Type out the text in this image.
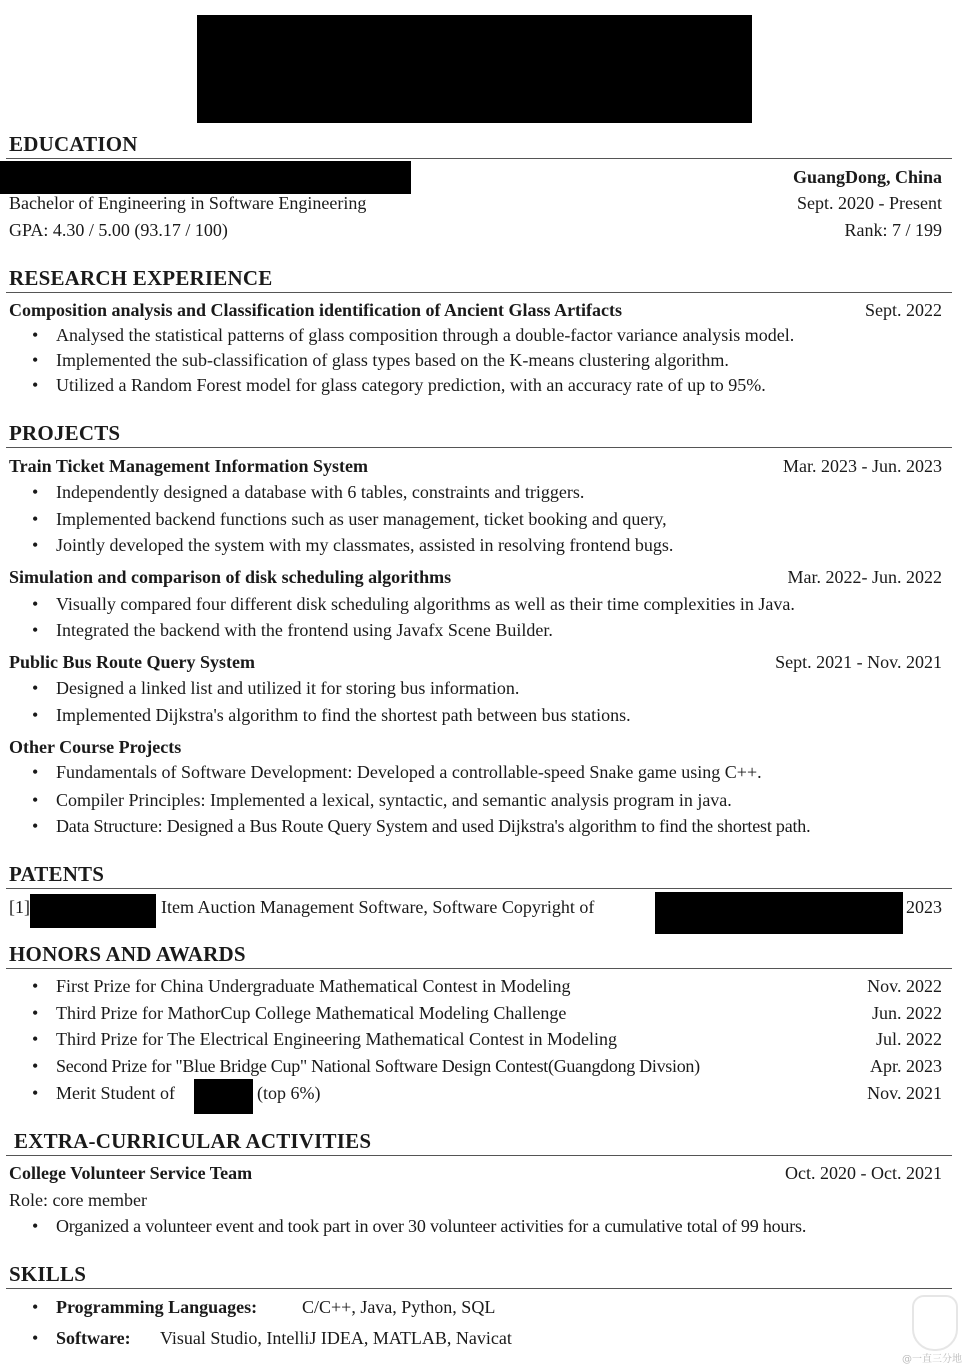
EDUCATION
GuangDong, China
Bachelor of Engineering in Software Engineering	Sept. 2020 - Present
GPA: 4.30 / 5.00 (93.17 / 100)	Rank: 7 / 199
RESEARCH EXPERIENCE
Composition analysis and Classification identification of Ancient Glass Artifacts	Sept. 2022
• Analysed the statistical patterns of glass composition through a double-factor variance analysis model.
• Implemented the sub-classification of glass types based on the K-means clustering algorithm.
• Utilized a Random Forest model for glass category prediction, with an accuracy rate of up to 95%.
PROJECTS
Train Ticket Management Information System	Mar. 2023 - Jun. 2023
• Independently designed a database with 6 tables, constraints and triggers.
• Implemented backend functions such as user management, ticket booking and query,
• Jointly developed the system with my classmates, assisted in resolving frontend bugs.
Simulation and comparison of disk scheduling algorithms	Mar. 2022- Jun. 2022
• Visually compared four different disk scheduling algorithms as well as their time complexities in Java.
• Integrated the backend with the frontend using Javafx Scene Builder.
Public Bus Route Query System	Sept. 2021 - Nov. 2021
• Designed a linked list and utilized it for storing bus information.
• Implemented Dijkstra's algorithm to find the shortest path between bus stations.
Other Course Projects
• Fundamentals of Software Development: Developed a controllable-speed Snake game using C++.
• Compiler Principles: Implemented a lexical, syntactic, and semantic analysis program in java.
• Data Structure: Designed a Bus Route Query System and used Dijkstra's algorithm to find the shortest path.
PATENTS
[1]	Item Auction Management Software, Software Copyright of	2023
HONORS AND AWARDS
• First Prize for China Undergraduate Mathematical Contest in Modeling	Nov. 2022
• Third Prize for MathorCup College Mathematical Modeling Challenge	Jun. 2022
• Third Prize for The Electrical Engineering Mathematical Contest in Modeling	Jul. 2022
• Second Prize for "Blue Bridge Cup" National Software Design Contest(Guangdong Divsion)	Apr. 2023
• Merit Student of	(top 6%)	Nov. 2021
EXTRA-CURRICULAR ACTIVITIES
College Volunteer Service Team	Oct. 2020 - Oct. 2021
Role: core member
• Organized a volunteer event and took part in over 30 volunteer activities for a cumulative total of 99 hours.
SKILLS
• Programming Languages: C/C++, Java, Python, SQL
• Software: Visual Studio, IntelliJ IDEA, MATLAB, Navicat
@一直三分地
